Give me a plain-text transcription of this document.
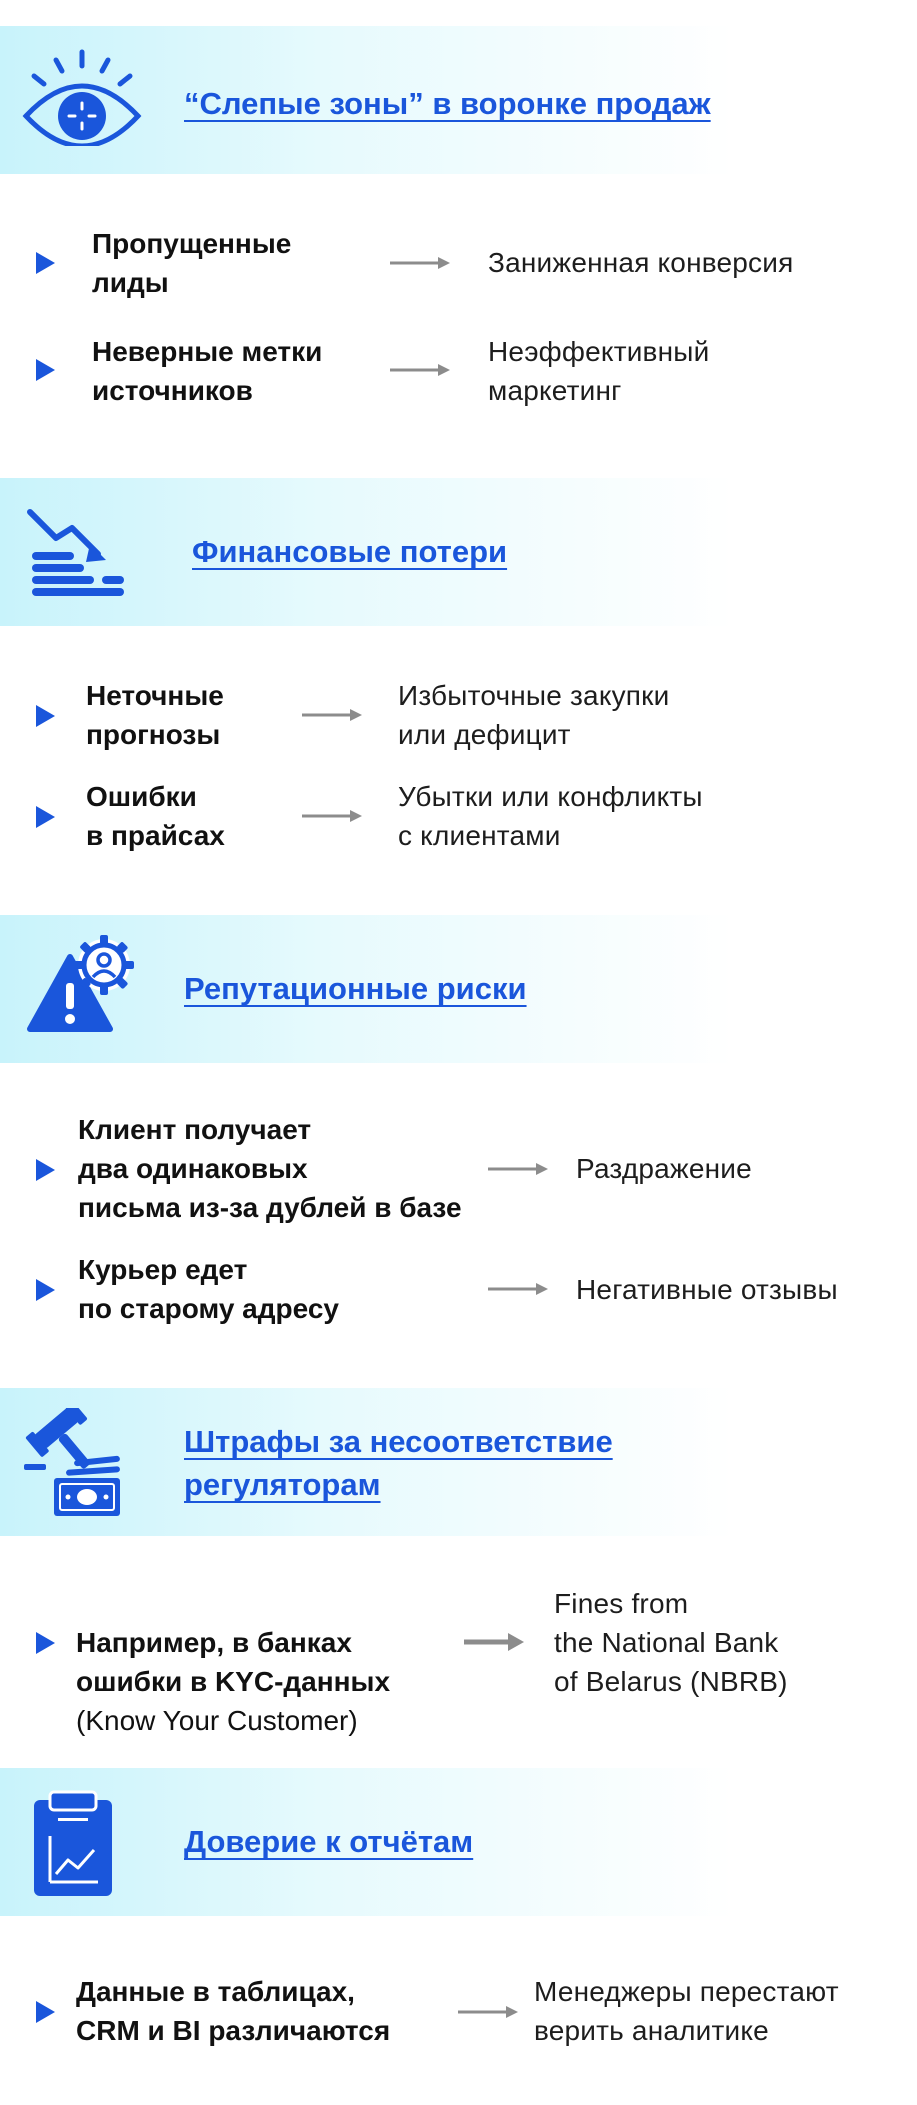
“Слепые зоны” в воронке продаж
Пропущенные
лиды
Заниженная конверсия
Неверные метки
источников
Неэффективный
маркетинг
Финансовые потери
Неточные
прогнозы
Избыточные закупки
или дефицит
Ошибки
в прайсах
Убытки или конфликты
с клиентами
Репутационные риски
Клиент получает
два одинаковых
письма из-за дублей в базе
Раздражение
Курьер едет
по старому адресу
Негативные отзывы
Штрафы за несоответствие
регуляторам

Например, в банках
ошибки в KYC-данных

(Know Your Customer)

Fines from
the National Bank
of Belarus (NBRB)
Доверие к отчётам
Данные в таблицах,
CRM и BI различаются
Менеджеры перестают
верить аналитике
